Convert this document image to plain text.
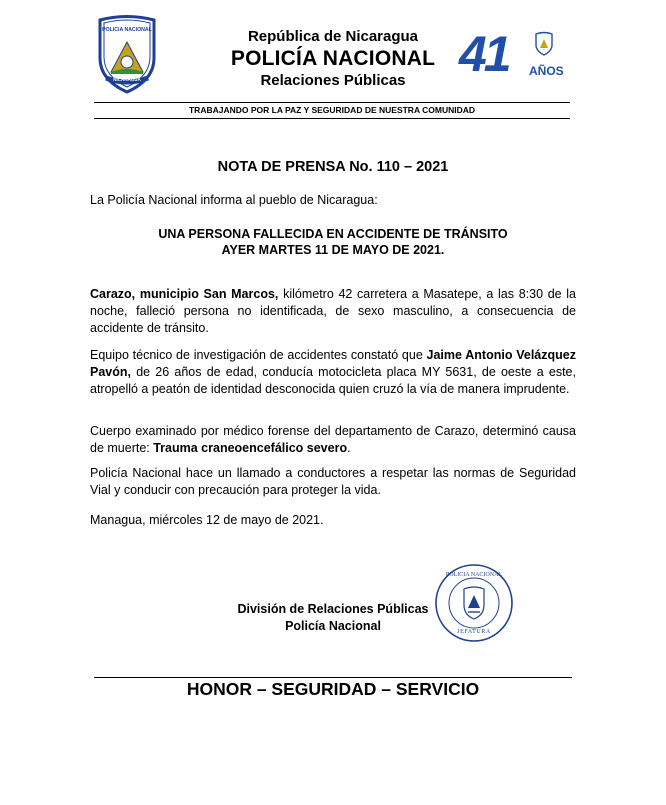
POLICIA NACIONAL
NICARAGUA
República de Nicaragua
POLICÍA NACIONAL
Relaciones Públicas	41 AÑOS
TRABAJANDO POR LA PAZ Y SEGURIDAD DE NUESTRA COMUNIDAD
NOTA DE PRENSA No. 110 – 2021
La Policía Nacional informa al pueblo de Nicaragua:
UNA PERSONA FALLECIDA EN ACCIDENTE DE TRÁNSITO
AYER MARTES 11 DE MAYO DE 2021.
Carazo, municipio San Marcos, kilómetro 42 carretera a Masatepe, a las 8:30 de la noche, falleció persona no identificada, de sexo masculino, a consecuencia de accidente de tránsito.
Equipo técnico de investigación de accidentes constató que Jaime Antonio Velázquez Pavón, de 26 años de edad, conducía motocicleta placa MY 5631, de oeste a este, atropelló a peatón de identidad desconocida quien cruzó la vía de manera imprudente.
Cuerpo examinado por médico forense del departamento de Carazo, determinó causa de muerte: Trauma craneoencefálico severo.
Policía Nacional hace un llamado a conductores a respetar las normas de Seguridad Vial y conducir con precaución para proteger la vida.
Managua, miércoles 12 de mayo de 2021.
División de Relaciones Públicas
Policía Nacional
POLICIA NACIONAL
JEFATURA
HONOR – SEGURIDAD – SERVICIO
